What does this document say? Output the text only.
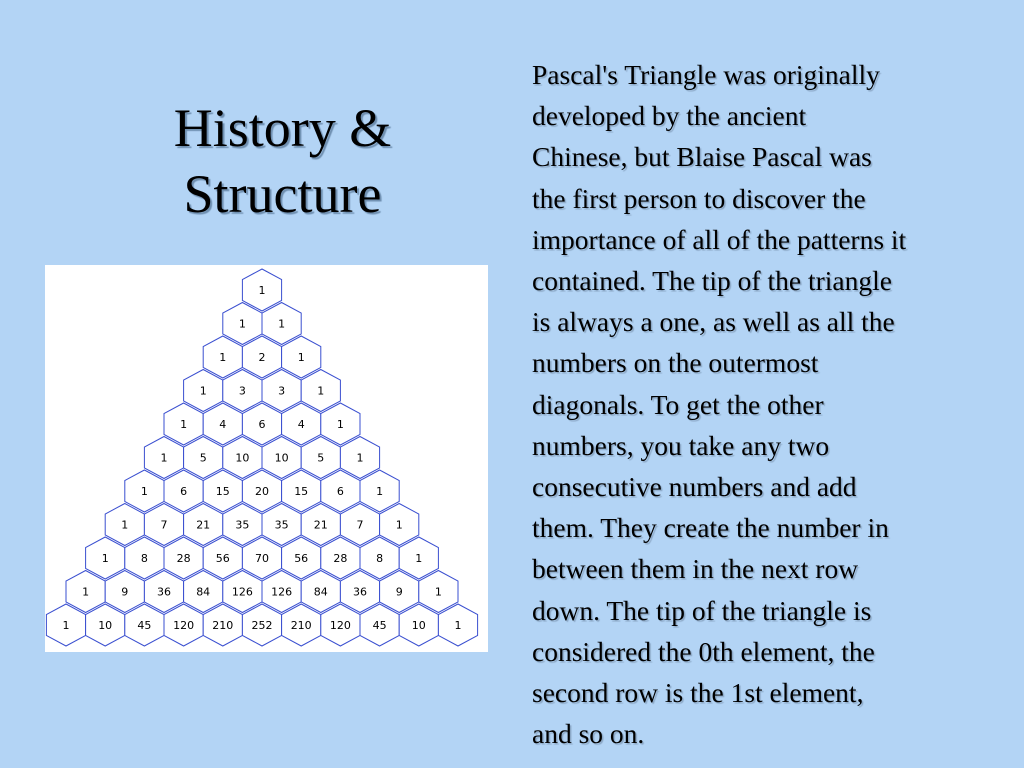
History &
Structure
1
1	1
1	2	1
1	3	3	1
1	4	6	4	1
1	5	10 10	5	1
1	6	15 20 15	6	1
1	7	21 35 35 21	7	1
1	8	28 56 70 56 28	8	1
1	9	36 84 126 126 84 36	9	1
1	10 45 120 210 252 210 120 45 10	1
Pascal's Triangle was originally
developed by the ancient
Chinese, but Blaise Pascal was
the first person to discover the
importance of all of the patterns it
contained. The tip of the triangle
is always a one, as well as all the
numbers on the outermost
diagonals. To get the other
numbers, you take any two
consecutive numbers and add
them. They create the number in
between them in the next row
down. The tip of the triangle is
considered the 0th element, the
second row is the 1st element,
and so on.
